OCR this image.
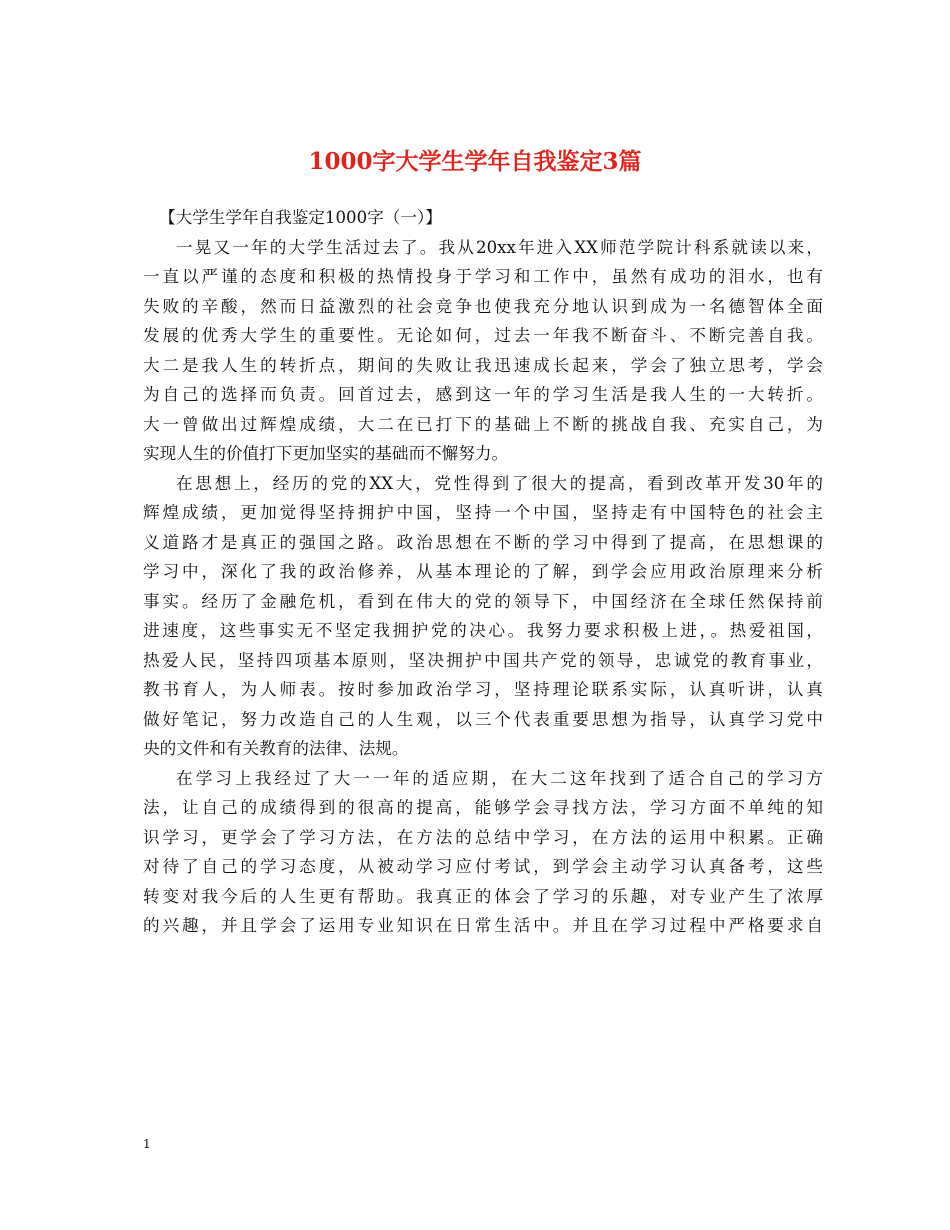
1000字大学生学年自我鉴定3篇

【大学生学年自我鉴定1000字（一）】

一晃又一年的大学生活过去了。我从20xx年进入XX师范学院计科系就读以来，
一直以严谨的态度和积极的热情投身于学习和工作中，虽然有成功的泪水，也有
失败的辛酸，然而日益激烈的社会竞争也使我充分地认识到成为一名德智体全面
发展的优秀大学生的重要性。无论如何，过去一年我不断奋斗、不断完善自我。
大二是我人生的转折点，期间的失败让我迅速成长起来，学会了独立思考，学会
为自己的选择而负责。回首过去，感到这一年的学习生活是我人生的一大转折。
大一曾做出过辉煌成绩，大二在已打下的基础上不断的挑战自我、充实自己，为
实现人生的价值打下更加坚实的基础而不懈努力。

在思想上，经历的党的XX大，党性得到了很大的提高，看到改革开发30年的
辉煌成绩，更加觉得坚持拥护中国，坚持一个中国，坚持走有中国特色的社会主
义道路才是真正的强国之路。政治思想在不断的学习中得到了提高，在思想课的
学习中，深化了我的政治修养，从基本理论的了解，到学会应用政治原理来分析
事实。经历了金融危机，看到在伟大的党的领导下，中国经济在全球任然保持前
进速度，这些事实无不坚定我拥护党的决心。我努力要求积极上进，。热爱祖国，
热爱人民，坚持四项基本原则，坚决拥护中国共产党的领导，忠诚党的教育事业，
教书育人，为人师表。按时参加政治学习，坚持理论联系实际，认真听讲，认真
做好笔记，努力改造自己的人生观，以三个代表重要思想为指导，认真学习党中
央的文件和有关教育的法律、法规。

在学习上我经过了大一一年的适应期，在大二这年找到了适合自己的学习方
法，让自己的成绩得到的很高的提高，能够学会寻找方法，学习方面不单纯的知
识学习，更学会了学习方法，在方法的总结中学习，在方法的运用中积累。正确
对待了自己的学习态度，从被动学习应付考试，到学会主动学习认真备考，这些
转变对我今后的人生更有帮助。我真正的体会了学习的乐趣，对专业产生了浓厚
的兴趣，并且学会了运用专业知识在日常生活中。并且在学习过程中严格要求自

1
